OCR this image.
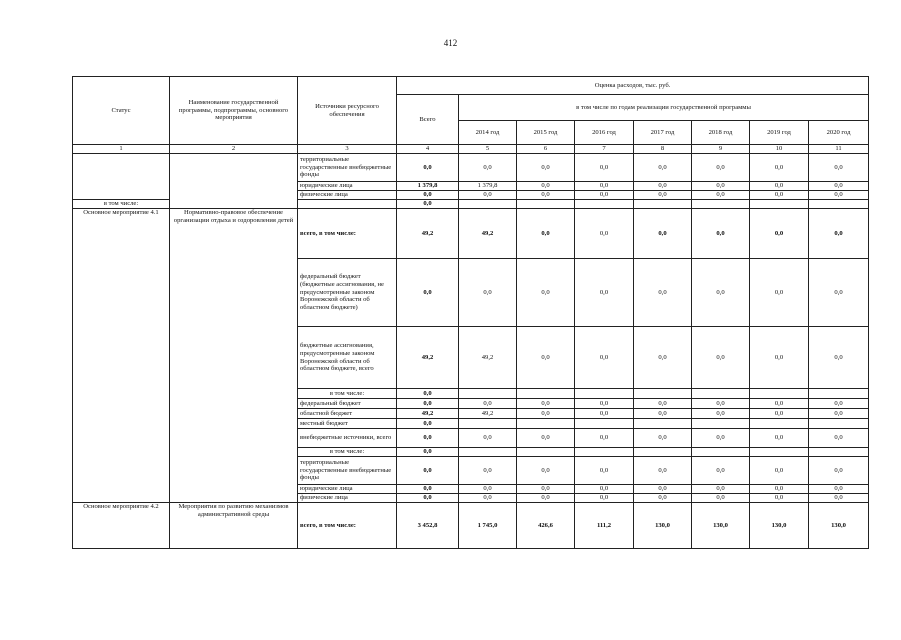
412
Статус	Наименование государственной программы, подпрограммы, основного мероприятия	Источники ресурсного обеспечения	Оценка расходов, тыс. руб.							
			Всего	в том числе по годам реализации государственной программы						
				2014 год	2015 год	2016 год	2017 год	2018 год	2019 год	2020 год
1	2	3	4	5	6	7	8	9	10	11
		территориальные государственные внебюджетные фонды	0,0	0,0	0,0	0,0	0,0	0,0	0,0	0,0
		юридические лица	1 379,8	1 379,8	0,0	0,0	0,0	0,0	0,0	0,0
		физические лица	0,0	0,0	0,0	0,0	0,0	0,0	0,0	0,0
в том числе:			0,0							
Основное мероприятие 4.1	Нормативно-правовое обеспечение организации отдыха и оздоровления детей	всего, в том числе:	49,2	49,2	0,0	0,0	0,0	0,0	0,0	0,0
		федеральный бюджет (бюджетные ассигнования, не предусмотренные законом Воронежской области об областном бюджете)	0,0	0,0	0,0	0,0	0,0	0,0	0,0	0,0
		бюджетные ассигнования, предусмотренные законом Воронежской области об областном бюджете, всего	49,2	49,2	0,0	0,0	0,0	0,0	0,0	0,0
		в том числе:	0,0							
		федеральный бюджет	0,0	0,0	0,0	0,0	0,0	0,0	0,0	0,0
		областной бюджет	49,2	49,2	0,0	0,0	0,0	0,0	0,0	0,0
		местный бюджет	0,0							
		внебюджетные источники, всего	0,0	0,0	0,0	0,0	0,0	0,0	0,0	0,0
		в том числе:	0,0							
		территориальные государственные внебюджетные фонды	0,0	0,0	0,0	0,0	0,0	0,0	0,0	0,0
		юридические лица	0,0	0,0	0,0	0,0	0,0	0,0	0,0	0,0
		физические лица	0,0	0,0	0,0	0,0	0,0	0,0	0,0	0,0
Основное мероприятие 4.2	Мероприятия по развитию механизмов административной среды	всего, в том числе:	3 452,8	1 745,0	426,6	111,2	130,0	130,0	130,0	130,0
